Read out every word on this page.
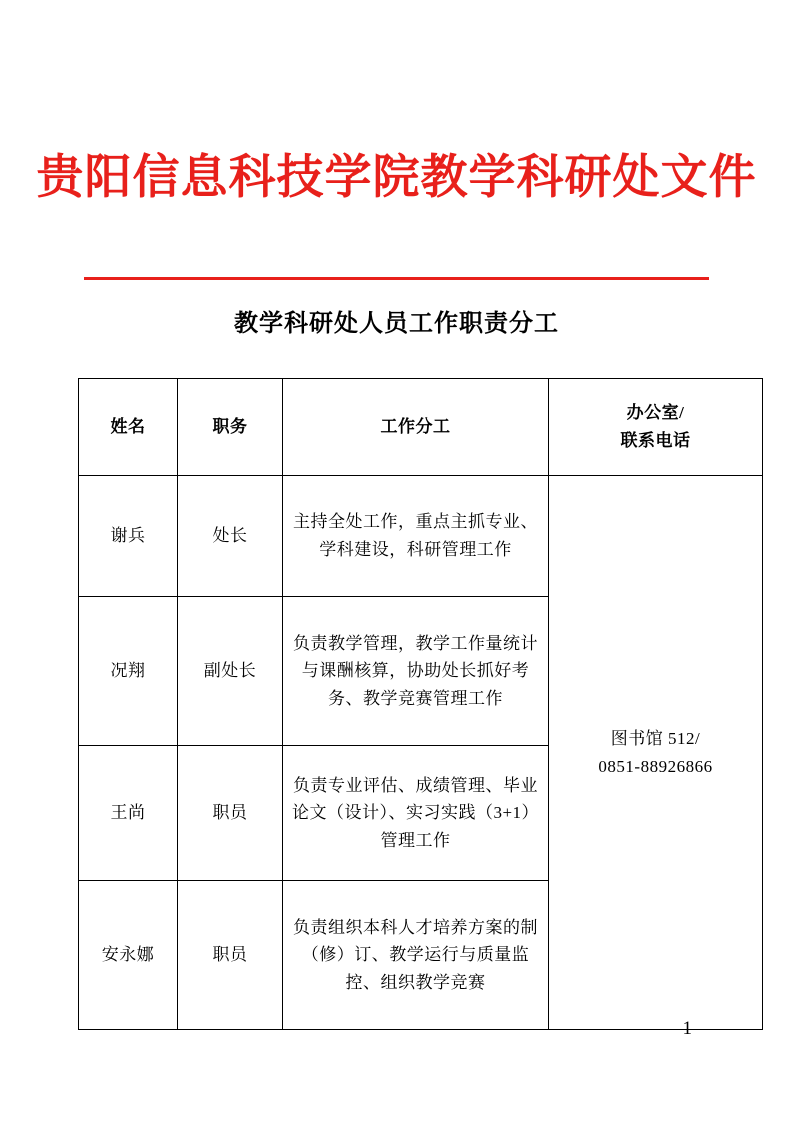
贵阳信息科技学院教学科研处文件
教学科研处人员工作职责分工
姓名	职务	工作分工	办公室/
联系电话

谢兵	处长	主持全处工作，重点主抓专业、学科建设，科研管理工作	图书馆 512/
0851-88926866

况翔	副处长	负责教学管理，教学工作量统计与课酬核算，协助处长抓好考务、教学竞赛管理工作	
王尚	职员	负责专业评估、成绩管理、毕业论文（设计）、实习实践（3+1）管理工作	
安永娜	职员	负责组织本科人才培养方案的制（修）订、教学运行与质量监控、组织教学竞赛	
—1—
